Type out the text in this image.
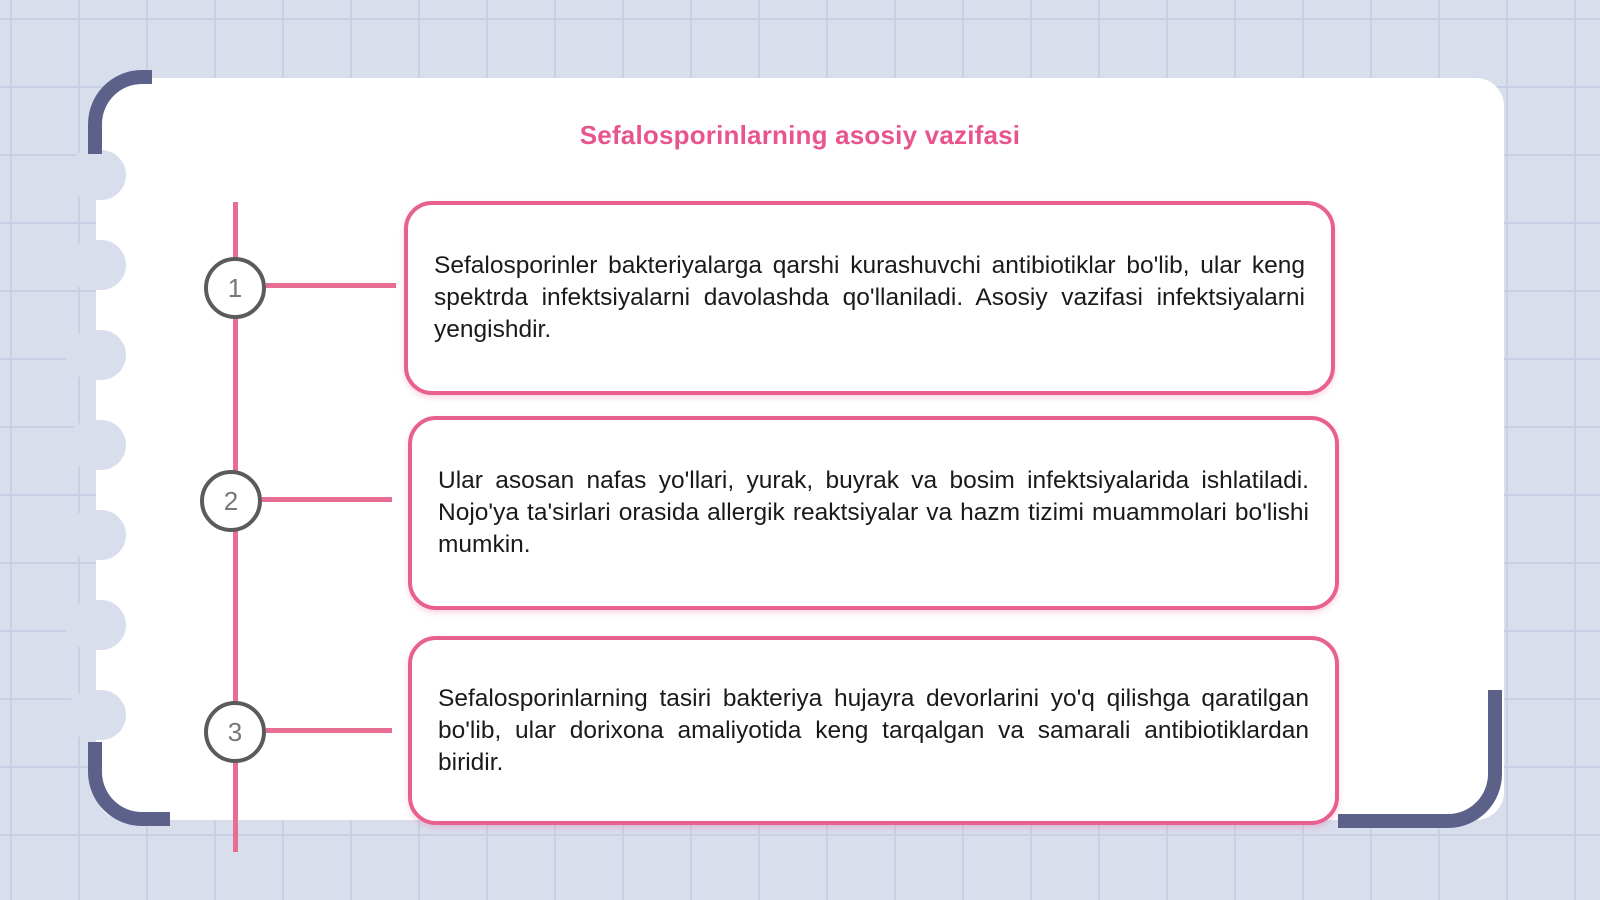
Sefalosporinlarning asosiy vazifasi
1
2
3

Sefalosporinler bakteriyalarga qarshi kurashuvchi antibiotiklar bo'lib, ular keng spektrda infektsiyalarni davolashda qo'llaniladi. Asosiy vazifasi infektsiyalarni yengishdir.

Ular asosan nafas yo'llari, yurak, buyrak va bosim infektsiyalarida ishlatiladi. Nojo'ya ta'sirlari orasida allergik reaktsiyalar va hazm tizimi muammolari bo'lishi mumkin.

Sefalosporinlarning tasiri bakteriya hujayra devorlarini yo'q qilishga qaratilgan bo'lib, ular dorixona amaliyotida keng tarqalgan va samarali antibiotiklardan biridir.
